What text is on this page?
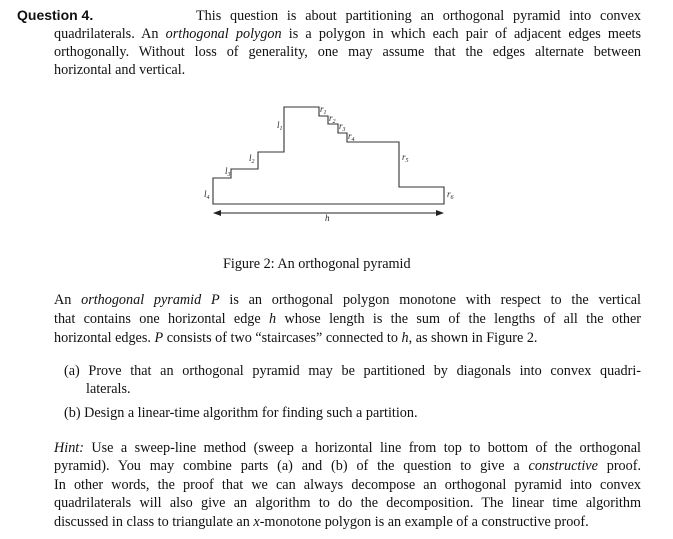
Question 4.	This question is about partitioning an orthogonal pyramid into convex
quadrilaterals. An orthogonal polygon is a polygon in which each pair of adjacent edges meets
orthogonally. Without loss of generality, one may assume that the edges alternate between
horizontal and vertical.
An orthogonal pyramid P is an orthogonal polygon monotone with respect to the vertical
that contains one horizontal edge h whose length is the sum of the lengths of all the other
horizontal edges. P consists of two “staircases” connected to h, as shown in Figure 2.
(a) Prove that an orthogonal pyramid may be partitioned by diagonals into convex quadri-
laterals.
(b) Design a linear-time algorithm for finding such a partition.
Hint: Use a sweep-line method (sweep a horizontal line from top to bottom of the orthogonal
pyramid). You may combine parts (a) and (b) of the question to give a constructive proof.
In other words, the proof that we can always decompose an orthogonal pyramid into convex
quadrilaterals will also give an algorithm to do the decomposition. The linear time algorithm
discussed in class to triangulate an x-monotone polygon is an example of a constructive proof.
$l_1$
$l_2$
$l_3$
$l_4$
$r_1$ $r_2$ $r_3$
$r_4$
$r_5$
$r_6$
h
Figure 2: An orthogonal pyramid
